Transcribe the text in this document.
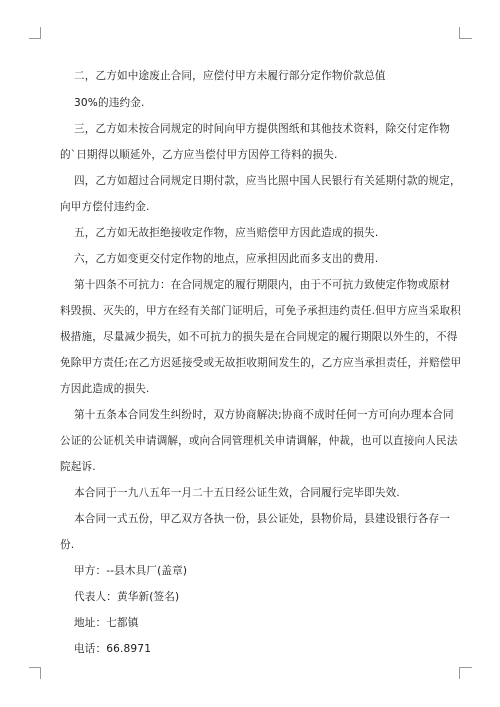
二，乙方如中途废止合同，应偿付甲方未履行部分定作物价款总值
30%的违约金.
三，乙方如未按合同规定的时间向甲方提供图纸和其他技术资料，除交付定作物
的`日期得以顺延外，乙方应当偿付甲方因停工待料的损失.
四，乙方如超过合同规定日期付款，应当比照中国人民银行有关延期付款的规定，
向甲方偿付违约金.
五，乙方如无故拒绝接收定作物，应当赔偿甲方因此造成的损失.
六，乙方如变更交付定作物的地点，应承担因此而多支出的费用.
第十四条不可抗力：在合同规定的履行期限内，由于不可抗力致使定作物或原材
料毁损、灭失的，甲方在经有关部门证明后，可免予承担违约责任.但甲方应当采取积
极措施，尽量减少损失，如不可抗力的损失是在合同规定的履行期限以外生的，不得
免除甲方责任;在乙方迟延接受或无故拒收期间发生的，乙方应当承担责任，并赔偿甲
方因此造成的损失.
第十五条本合同发生纠纷时，双方协商解决;协商不成时任何一方可向办理本合同
公证的公证机关申请调解，或向合同管理机关申请调解，仲裁，也可以直接向人民法
院起诉.
本合同于一九八五年一月二十五日经公证生效，合同履行完毕即失效.
本合同一式五份，甲乙双方各执一份，县公证处，县物价局，县建设银行各存一
份.
甲方：--县木具厂(盖章)
代表人：黄华新(签名)
地址：七都镇
电话：66.8971
